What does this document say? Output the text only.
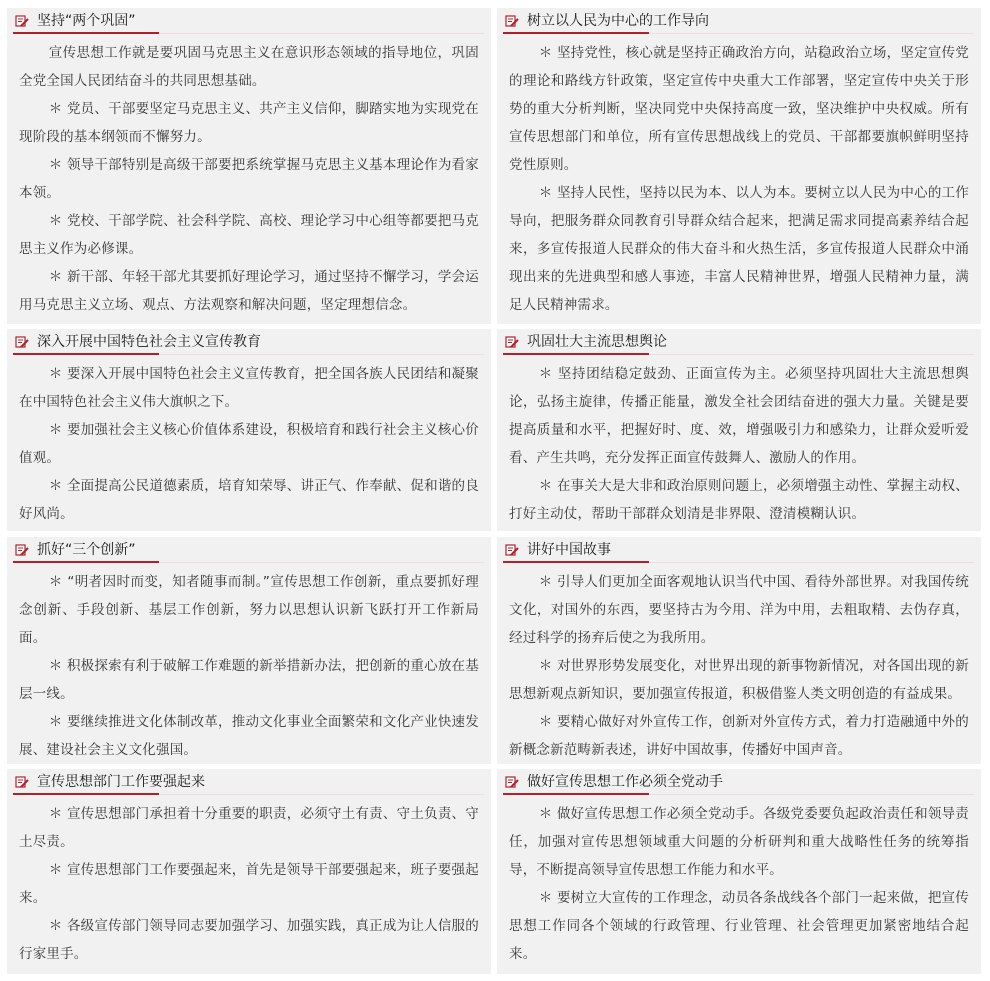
坚持“两个巩固”

宣传思想工作就是要巩固马克思主义在意识形态领域的指导地位，巩固全党全国人民团结奋斗的共同思想基础。

＊ 党员、干部要坚定马克思主义、共产主义信仰，脚踏实地为实现党在现阶段的基本纲领而不懈努力。

＊ 领导干部特别是高级干部要把系统掌握马克思主义基本理论作为看家本领。

＊ 党校、干部学院、社会科学院、高校、理论学习中心组等都要把马克思主义作为必修课。

＊ 新干部、年轻干部尤其要抓好理论学习，通过坚持不懈学习，学会运用马克思主义立场、观点、方法观察和解决问题，坚定理想信念。

树立以人民为中心的工作导向

＊ 坚持党性，核心就是坚持正确政治方向，站稳政治立场，坚定宣传党的理论和路线方针政策，坚定宣传中央重大工作部署，坚定宣传中央关于形势的重大分析判断，坚决同党中央保持高度一致，坚决维护中央权威。所有宣传思想部门和单位，所有宣传思想战线上的党员、干部都要旗帜鲜明坚持党性原则。

＊ 坚持人民性，坚持以民为本、以人为本。要树立以人民为中心的工作导向，把服务群众同教育引导群众结合起来，把满足需求同提高素养结合起来，多宣传报道人民群众的伟大奋斗和火热生活，多宣传报道人民群众中涌现出来的先进典型和感人事迹，丰富人民精神世界，增强人民精神力量，满足人民精神需求。

深入开展中国特色社会主义宣传教育

＊ 要深入开展中国特色社会主义宣传教育，把全国各族人民团结和凝聚在中国特色社会主义伟大旗帜之下。

＊ 要加强社会主义核心价值体系建设，积极培育和践行社会主义核心价值观。

＊ 全面提高公民道德素质，培育知荣辱、讲正气、作奉献、促和谐的良好风尚。

巩固壮大主流思想舆论

＊ 坚持团结稳定鼓劲、正面宣传为主。必须坚持巩固壮大主流思想舆论，弘扬主旋律，传播正能量，激发全社会团结奋进的强大力量。关键是要提高质量和水平，把握好时、度、效，增强吸引力和感染力，让群众爱听爱看、产生共鸣，充分发挥正面宣传鼓舞人、激励人的作用。

＊ 在事关大是大非和政治原则问题上，必须增强主动性、掌握主动权、打好主动仗，帮助干部群众划清是非界限、澄清模糊认识。

抓好“三个创新”

＊ “明者因时而变，知者随事而制。”宣传思想工作创新，重点要抓好理念创新、手段创新、基层工作创新，努力以思想认识新飞跃打开工作新局面。

＊ 积极探索有利于破解工作难题的新举措新办法，把创新的重心放在基层一线。

＊ 要继续推进文化体制改革，推动文化事业全面繁荣和文化产业快速发展、建设社会主义文化强国。

讲好中国故事

＊ 引导人们更加全面客观地认识当代中国、看待外部世界。对我国传统文化，对国外的东西，要坚持古为今用、洋为中用，去粗取精、去伪存真，经过科学的扬弃后使之为我所用。

＊ 对世界形势发展变化，对世界出现的新事物新情况，对各国出现的新思想新观点新知识，要加强宣传报道，积极借鉴人类文明创造的有益成果。

＊ 要精心做好对外宣传工作，创新对外宣传方式，着力打造融通中外的新概念新范畴新表述，讲好中国故事，传播好中国声音。

宣传思想部门工作要强起来

＊ 宣传思想部门承担着十分重要的职责，必须守土有责、守土负责、守土尽责。

＊ 宣传思想部门工作要强起来，首先是领导干部要强起来，班子要强起来。

＊ 各级宣传部门领导同志要加强学习、加强实践，真正成为让人信服的行家里手。

做好宣传思想工作必须全党动手

＊ 做好宣传思想工作必须全党动手。各级党委要负起政治责任和领导责任，加强对宣传思想领域重大问题的分析研判和重大战略性任务的统筹指导，不断提高领导宣传思想工作能力和水平。

＊ 要树立大宣传的工作理念，动员各条战线各个部门一起来做，把宣传思想工作同各个领域的行政管理、行业管理、社会管理更加紧密地结合起来。
